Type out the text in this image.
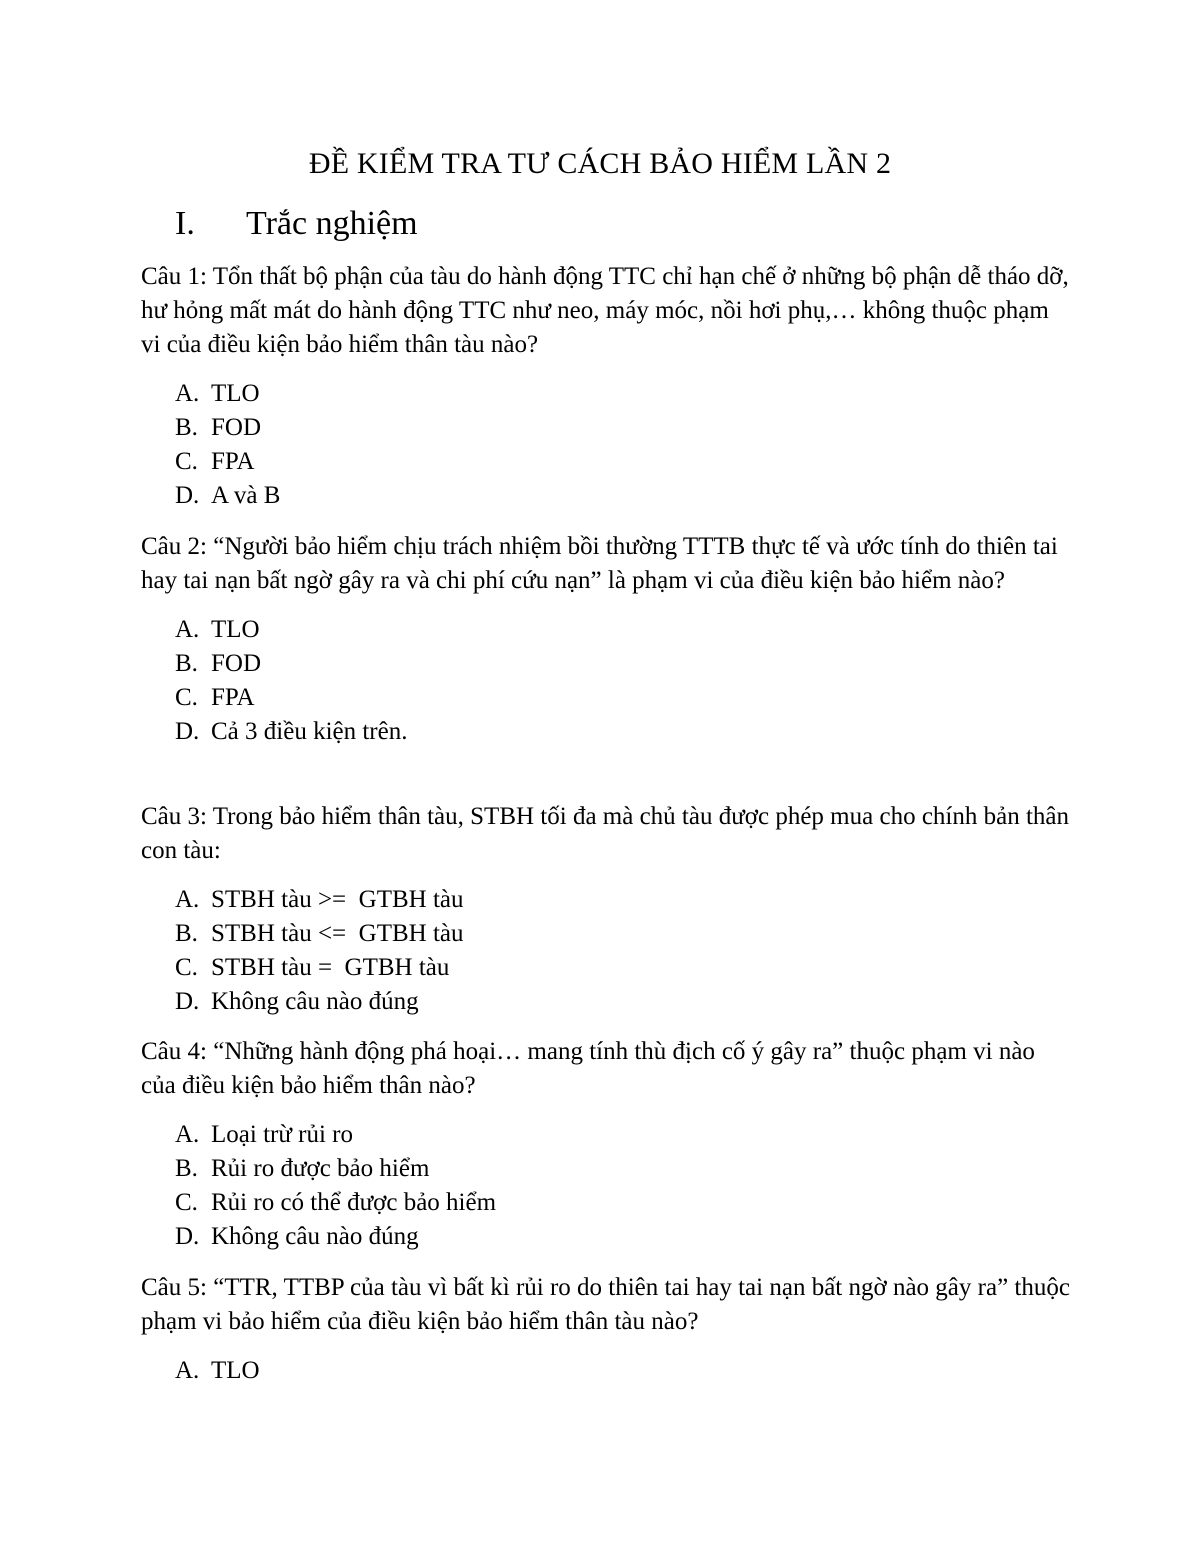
ĐỀ KIỂM TRA TƯ CÁCH BẢO HIỂM LẦN 2
I. Trắc nghiệm

Câu 1: Tổn thất bộ phận của tàu do hành động TTC chỉ hạn chế ở những bộ phận dễ tháo dỡ, hư hỏng mất mát do hành động TTC như neo, máy móc, nồi hơi phụ,… không thuộc phạm vi của điều kiện bảo hiểm thân tàu nào?

A. TLO
B. FOD
C. FPA
D. A và B

Câu 2: “Người bảo hiểm chịu trách nhiệm bồi thường TTTB thực tế và ước tính do thiên tai hay tai nạn bất ngờ gây ra và chi phí cứu nạn” là phạm vi của điều kiện bảo hiểm nào?

A. TLO
B. FOD
C. FPA
D. Cả 3 điều kiện trên.

Câu 3: Trong bảo hiểm thân tàu, STBH tối đa mà chủ tàu được phép mua cho chính bản thân con tàu:

A. STBH tàu >=  GTBH tàu
B. STBH tàu <=  GTBH tàu
C. STBH tàu =  GTBH tàu
D. Không câu nào đúng

Câu 4: “Những hành động phá hoại… mang tính thù địch cố ý gây ra” thuộc phạm vi nào của điều kiện bảo hiểm thân nào?

A. Loại trừ rủi ro
B. Rủi ro được bảo hiểm
C. Rủi ro có thể được bảo hiểm
D. Không câu nào đúng

Câu 5: “TTR, TTBP của tàu vì bất kì rủi ro do thiên tai hay tai nạn bất ngờ nào gây ra” thuộc phạm vi bảo hiểm của điều kiện bảo hiểm thân tàu nào?

A. TLO
